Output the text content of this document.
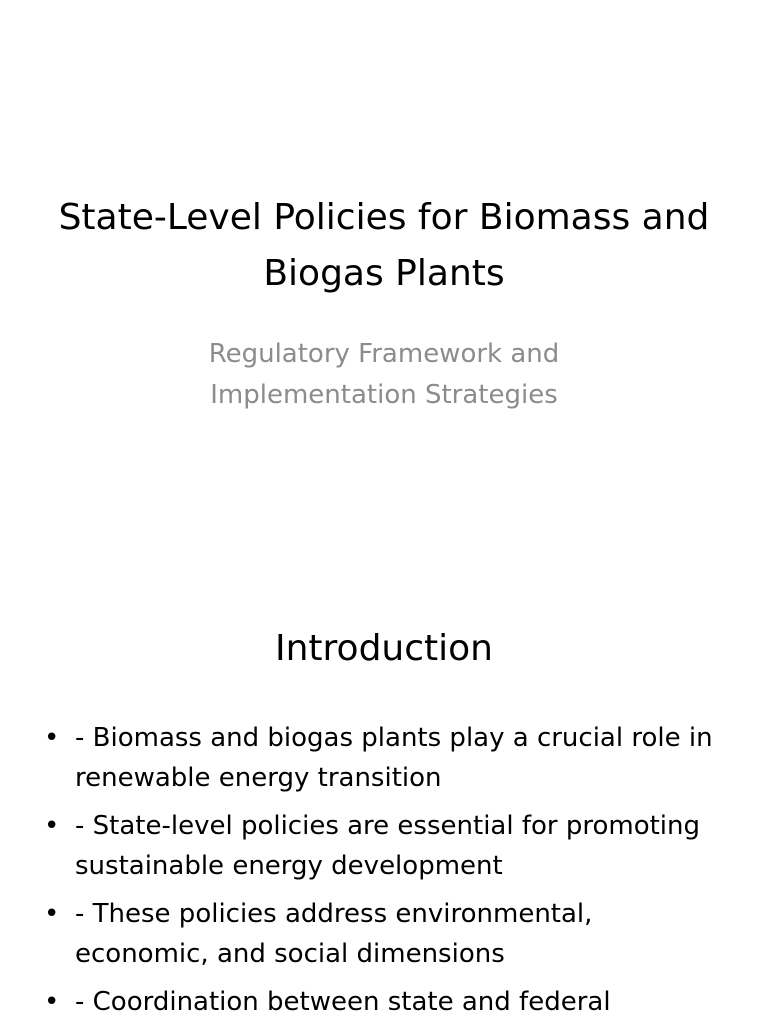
State-Level Policies for Biomass and Biogas Plants

Regulatory Framework and Implementation Strategies

Introduction
• - Biomass and biogas plants play a crucial role in renewable energy transition
• - State-level policies are essential for promoting sustainable energy development
• - These policies address environmental, economic, and social dimensions
• - Coordination between state and federal
